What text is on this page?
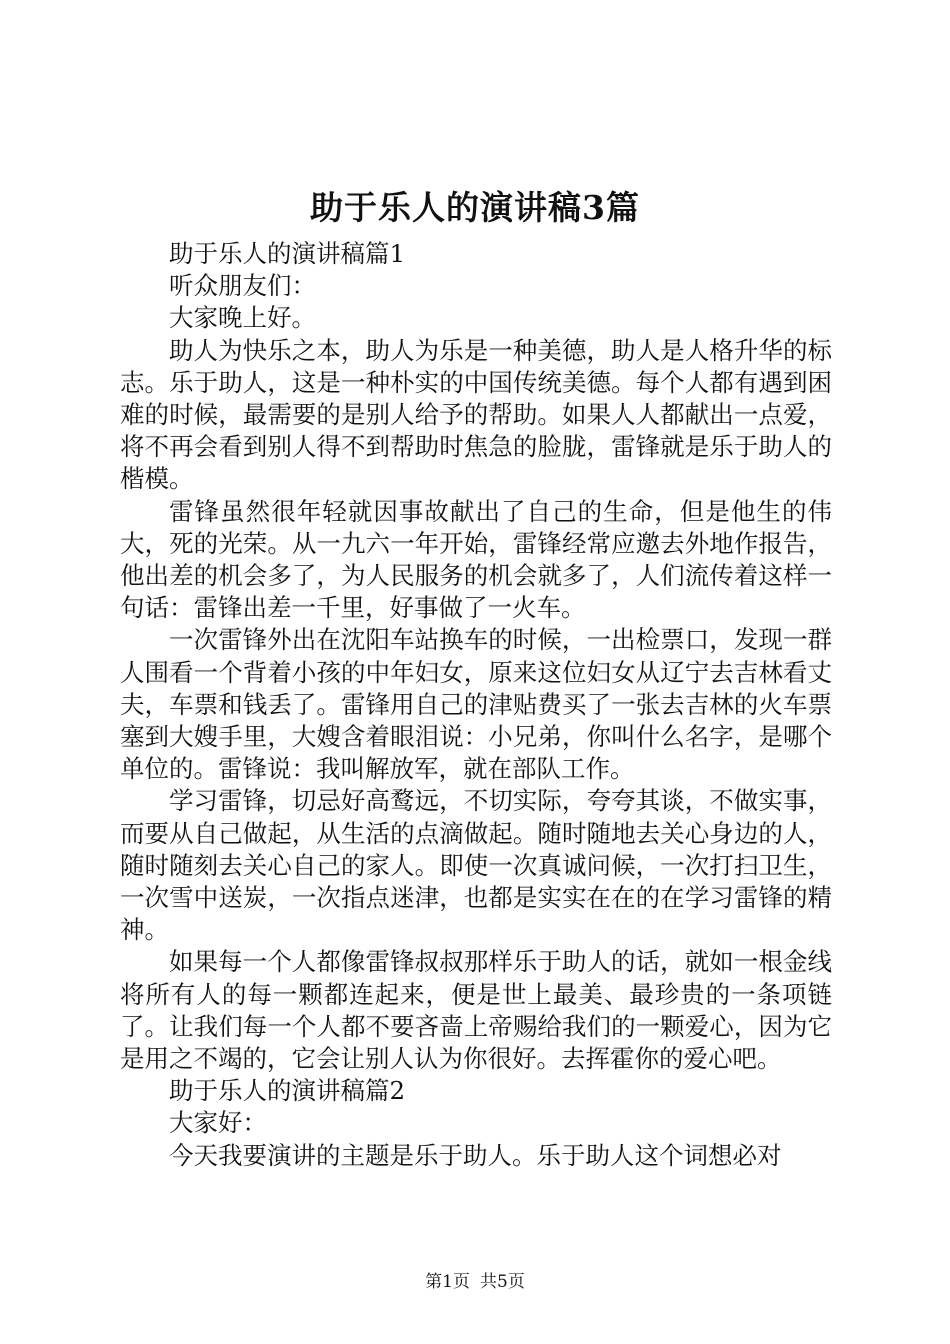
助于乐人的演讲稿3篇

助于乐人的演讲稿篇1

听众朋友们：

大家晚上好。

助人为快乐之本，助人为乐是一种美德，助人是人格升华的标志。乐于助人，这是一种朴实的中国传统美德。每个人都有遇到困难的时候，最需要的是别人给予的帮助。如果人人都献出一点爱，将不再会看到别人得不到帮助时焦急的脸胧，雷锋就是乐于助人的楷模。

雷锋虽然很年轻就因事故献出了自己的生命，但是他生的伟大，死的光荣。从一九六一年开始，雷锋经常应邀去外地作报告，他出差的机会多了，为人民服务的机会就多了，人们流传着这样一句话：雷锋出差一千里，好事做了一火车。

一次雷锋外出在沈阳车站换车的时候，一出检票口，发现一群人围看一个背着小孩的中年妇女，原来这位妇女从辽宁去吉林看丈夫，车票和钱丢了。雷锋用自己的津贴费买了一张去吉林的火车票塞到大嫂手里，大嫂含着眼泪说：小兄弟，你叫什么名字，是哪个单位的。雷锋说：我叫解放军，就在部队工作。

学习雷锋，切忌好高鹜远，不切实际，夸夸其谈，不做实事，而要从自己做起，从生活的点滴做起。随时随地去关心身边的人，随时随刻去关心自己的家人。即使一次真诚问候，一次打扫卫生，一次雪中送炭，一次指点迷津，也都是实实在在的在学习雷锋的精神。

如果每一个人都像雷锋叔叔那样乐于助人的话，就如一根金线将所有人的每一颗都连起来，便是世上最美、最珍贵的一条项链了。让我们每一个人都不要吝啬上帝赐给我们的一颗爱心，因为它是用之不竭的，它会让别人认为你很好。去挥霍你的爱心吧。

助于乐人的演讲稿篇2

大家好：

今天我要演讲的主题是乐于助人。乐于助人这个词想必对

第1页 共5页
